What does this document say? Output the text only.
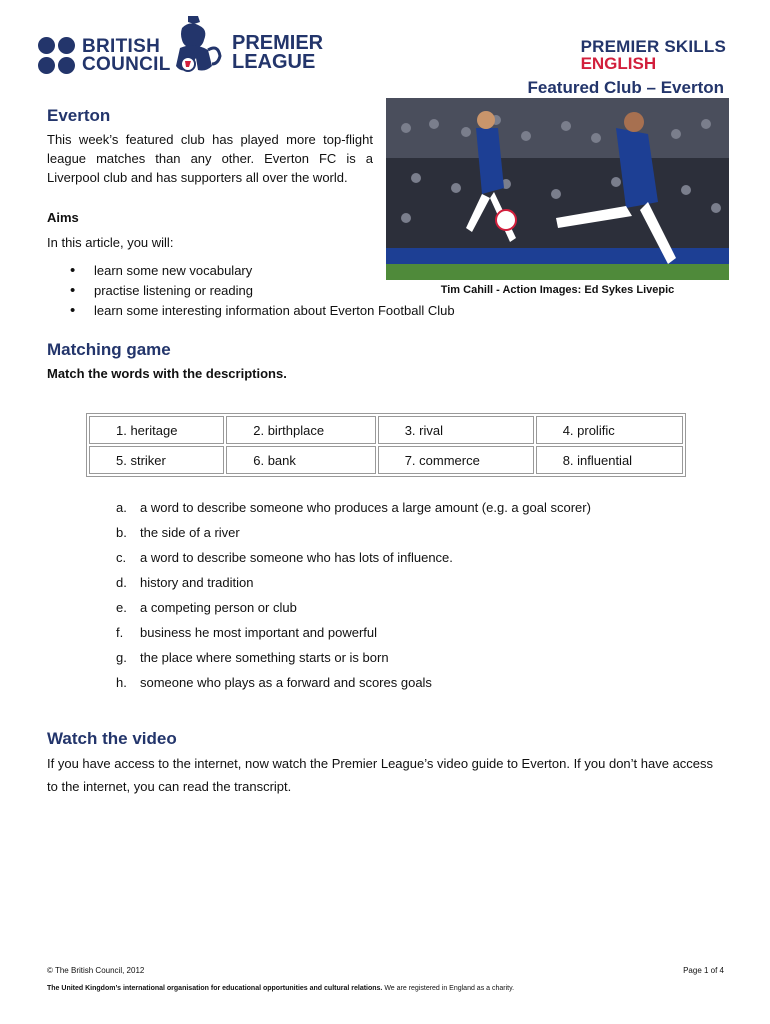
BRITISH
COUNCIL
PREMIER
LEAGUE
PREMIER SKILLS
ENGLISH
Featured Club – Everton
Tim Cahill - Action Images: Ed Sykes Livepic
Everton
This week’s featured club has played more top-flight league matches than any other. Everton FC is a Liverpool club and has supporters all over the world.
Aims
In this article, you will:
• learn some new vocabulary
• practise listening or reading
• learn some interesting information about Everton Football Club
Matching game
Match the words with the descriptions.
1. heritage	2. birthplace	3. rival	4. prolific
5. striker	6. bank	7. commerce	8. influential
a.	a word to describe someone who produces a large amount (e.g. a goal scorer)
b.	the side of a river
c.	a word to describe someone who has lots of influence.
d.	history and tradition
e.	a competing person or club
f.	business he most important and powerful
g.	the place where something starts or is born
h.	someone who plays as a forward and scores goals
Watch the video
If you have access to the internet, now watch the Premier League’s video guide to Everton. If you don’t have access to the internet, you can read the transcript.
© The British Council, 2012	Page 1 of 4
The United Kingdom’s international organisation for educational opportunities and cultural relations. We are registered in England as a charity.
